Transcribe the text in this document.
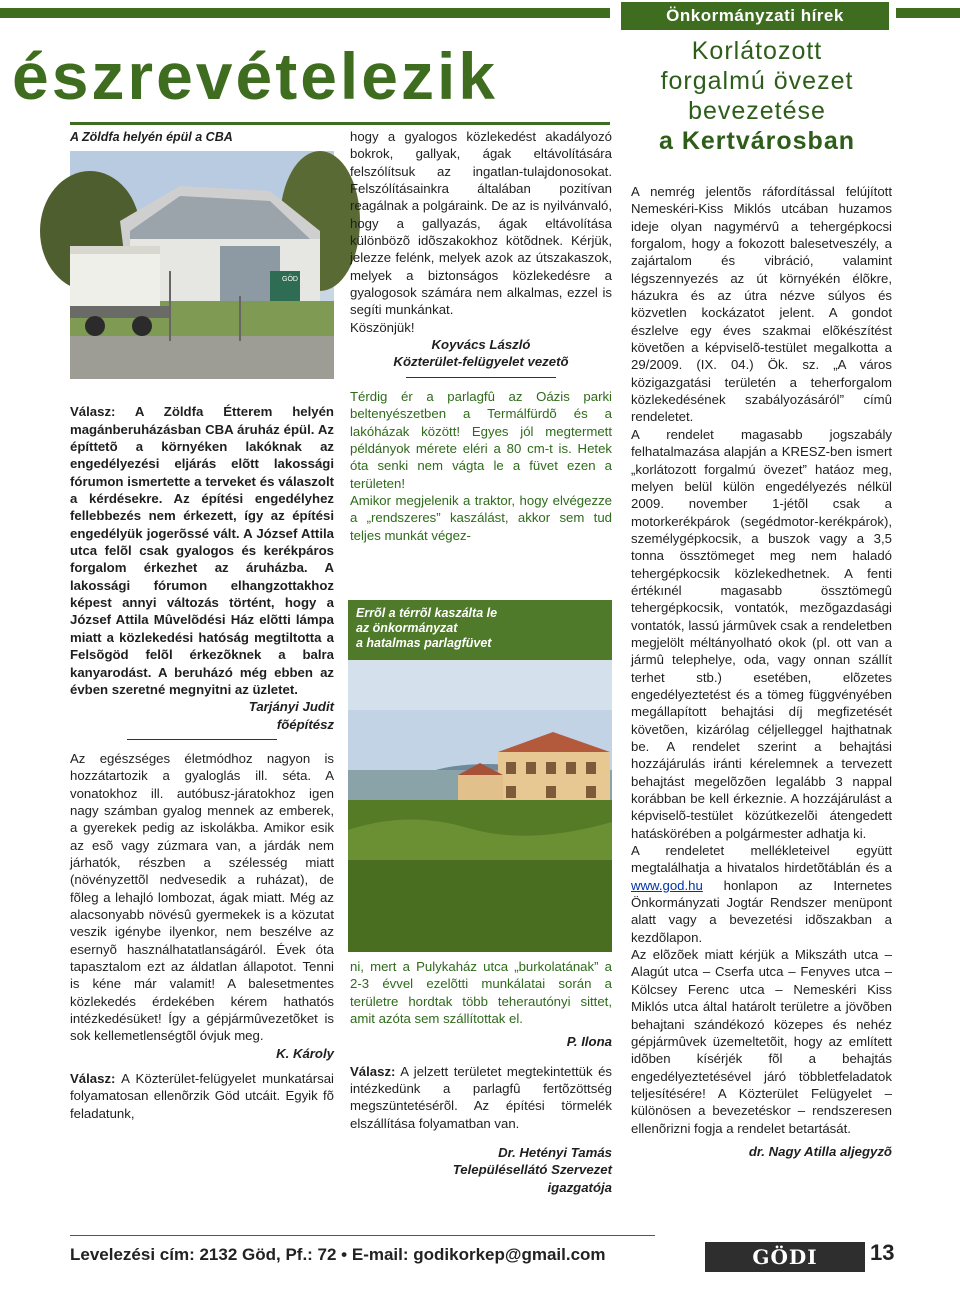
Önkormányzati hírek
észrevételezik
A Zöldfa helyén épül a CBA
GÖD

Válasz: A Zöldfa Étterem helyén magánberuházásban CBA áruház épül. Az építtetõ a környéken lakóknak az engedélyezési eljárás elõtt lakossági fórumon ismertette a terveket és válaszolt a kérdésekre. Az építési engedélyhez fellebbezés nem érkezett, így az építési engedélyük jogerõssé vált. A József Attila utca felõl csak gyalogos és kerékpáros forgalom érkezhet az áruházba. A lakossági fórumon elhangzottakhoz képest annyi változás történt, hogy a József Attila Mûvelõdési Ház elõtti lámpa miatt a közlekedési hatóság megtiltotta a Felsõgöd felõl érkezõknek a balra kanyarodást. A beruházó még ebben az évben szeretné megnyitni az üzletet.

Tarjányi Judit
fõépítész

Az egészséges életmódhoz nagyon is hozzátartozik a gyaloglás ill. séta. A vonatokhoz ill. autóbusz-járatokhoz igen nagy számban gyalog mennek az emberek, a gyerekek pedig az iskolákba. Amikor esik az esõ vagy zúzmara van, a járdák nem járhatók, részben a szélesség miatt (növényzettõl nedvesedik a ruházat), de fõleg a lehajló lombozat, ágak miatt. Még az alacsonyabb növésû gyermekek is a közutat veszik igénybe ilyenkor, nem beszélve az esernyõ használhatatlanságáról. Évek óta tapasztalom ezt az áldatlan állapotot. Tenni is kéne már valamit! A balesetmentes közlekedés érdekében kérem hathatós intézkedésüket! Így a gépjármûvezetõket is sok kellemetlenségtõl óvjuk meg.

K. Károly

Válasz: A Közterület-felügyelet munkatársai folyamatosan ellenõrzik Göd utcáit. Egyik fõ feladatunk,

hogy a gyalogos közlekedést akadályozó bokrok, gallyak, ágak eltávolítására felszólítsuk az ingatlan-tulajdonosokat. Felszólításainkra általában pozitívan reagálnak a polgáraink. De az is nyilvánvaló, hogy a gallyazás, ágak eltávolítása különbözõ idõszakokhoz kötõdnek. Kérjük, jelezze felénk, melyek azok az útszakaszok, melyek a biztonságos közlekedésre a gyalogosok számára nem alkalmas, ezzel is segíti munkánkat.

Köszönjük!

Koyvács László
Közterület-felügyelet vezetõ

Térdig ér a parlagfû az Oázis parki beltenyészetben a Termálfürdõ és a lakóházak között! Egyes jól megtermett példányok mérete eléri a 80 cm-t is. Hetek óta senki nem vágta le a füvet ezen a területen!

Amikor megjelenik a traktor, hogy elvégezze a „rendszeres” kaszálást, akkor sem tud teljes munkát végez-

Errõl a térrõl kaszálta le
az önkormányzat
a hatalmas parlagfüvet

ni, mert a Pulykaház utca „burkolatának” a 2-3 évvel ezelõtti munkálatai során a területre hordtak több teherautónyi sittet, amit azóta sem szállítottak el.

P. Ilona

Válasz: A jelzett területet megtekintettük és intézkedünk a parlagfû fertõzöttség megszüntetésérõl. Az építési törmelék elszállítása folyamatban van.

Dr. Hetényi Tamás
Településellátó Szervezet
igazgatója
Korlátozott
forgalmú övezet
bevezetése
a Kertvárosban

A nemrég jelentõs ráfordítással felújított Nemeskéri-Kiss Miklós utcában huzamos ideje olyan nagymérvû a tehergépkocsi forgalom, hogy a fokozott balesetveszély, a zajártalom és vibráció, valamint légszennyezés az út környékén élõkre, házukra és az útra nézve súlyos és közvetlen kockázatot jelent. A gondot észlelve egy éves szakmai elõkészítést követõen a képviselõ-testület megalkotta a 29/2009. (IX. 04.) Ök. sz. „A város közigazgatási területén a teherforgalom közlekedésének szabályozásáról” címû rendeletet.

A rendelet magasabb jogszabály felhatalmazása alapján a KRESZ-ben ismert „korlátozott forgalmú övezet” hatáoz meg, melyen belül külön engedélyezés nélkül 2009. november 1-jétõl csak a motorkerékpárok (segédmotor-kerékpárok), személygépkocsik, a buszok vagy a 3,5 tonna össztömeget meg nem haladó tehergépkocsik közlekedhetnek. A fenti értékınél magasabb össztömegû tehergépkocsik, vontatók, mezõgazdasági vontatók, lassú jármûvek csak a rendeletben megjelölt méltányolható okok (pl. ott van a jármû telephelye, oda, vagy onnan szállít terhet stb.) esetében, elõzetes engedélyeztetést és a tömeg függvényében megállapított behajtási díj megfizetését követõen, kizárólag céljelleggel hajthatnak be. A rendelet szerint a behajtási hozzájárulás iránti kérelemnek a tervezett behajtást megelõzõen legalább 3 nappal korábban be kell érkeznie. A hozzájárulást a képviselõ-testület közútkezelõi átengedett hatáskörében a polgármester adhatja ki.

A rendeletet mellékleteivel együtt megtalálhatja a hivatalos hirdetõtáblán és a www.god.hu honlapon az Internetes Önkormányzati Jogtár Rendszer menüpont alatt vagy a bevezetési idõszakban a kezdõlapon.

Az elõzõek miatt kérjük a Mikszáth utca – Alagút utca – Cserfa utca – Fenyves utca – Kölcsey Ferenc utca – Nemeskéri Kiss Miklós utca által határolt területre a jövõben behajtani szándékozó közepes és nehéz gépjármûvek üzemeltetõit, hogy az említett idõben kísérjék fõl a behajtás engedélyeztetésével járó többletfeladatok teljesítésére! A Közterület Felügyelet – különösen a bevezetéskor – rendszeresen ellenõrizni fogja a rendelet betartását.

dr. Nagy Atilla aljegyzõ
Levelezési cím: 2132 Göd, Pf.: 72 • E-mail: godikorkep@gmail.com	GÖDI KÖRKÉP
13
